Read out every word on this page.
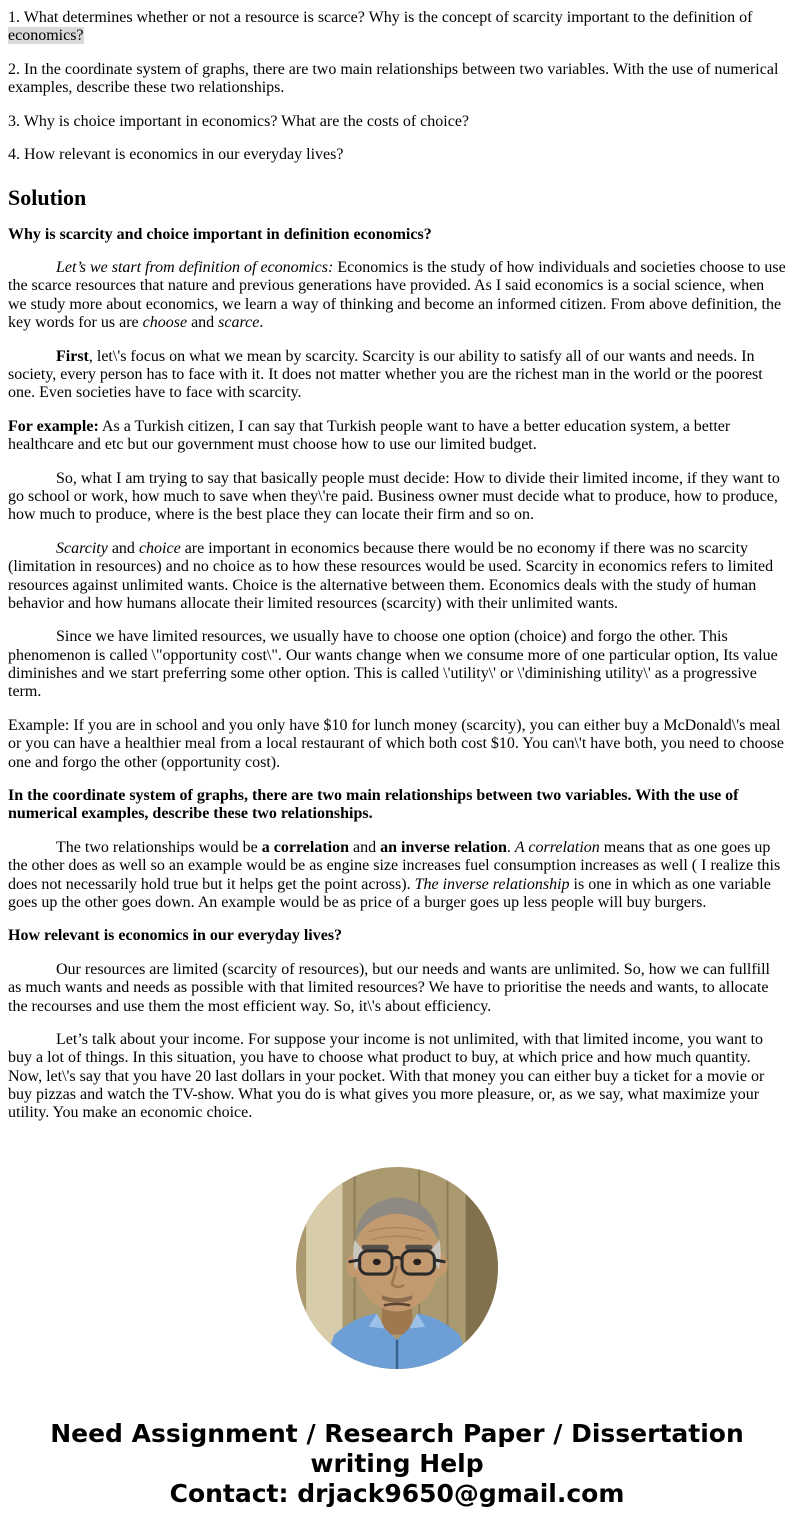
1. What determines whether or not a resource is scarce? Why is the concept of scarcity important to the definition of economics?

2. In the coordinate system of graphs, there are two main relationships between two variables. With the use of numerical examples, describe these two relationships.

3. Why is choice important in economics? What are the costs of choice?

4. How relevant is economics in our everyday lives?

Solution

Why is scarcity and choice important in definition economics?

Let’s we start from definition of economics: Economics is the study of how individuals and societies choose to use the scarce resources that nature and previous generations have provided. As I said economics is a social science, when we study more about economics, we learn a way of thinking and become an informed citizen. From above definition, the key words for us are choose and scarce.

First, let\'s focus on what we mean by scarcity. Scarcity is our ability to satisfy all of our wants and needs. In society, every person has to face with it. It does not matter whether you are the richest man in the world or the poorest one. Even societies have to face with scarcity.

For example: As a Turkish citizen, I can say that Turkish people want to have a better education system, a better healthcare and etc but our government must choose how to use our limited budget.

So, what I am trying to say that basically people must decide: How to divide their limited income, if they want to go school or work, how much to save when they\'re paid. Business owner must decide what to produce, how to produce, how much to produce, where is the best place they can locate their firm and so on.

Scarcity and choice are important in economics because there would be no economy if there was no scarcity (limitation in resources) and no choice as to how these resources would be used. Scarcity in economics refers to limited resources against unlimited wants. Choice is the alternative between them. Economics deals with the study of human behavior and how humans allocate their limited resources (scarcity) with their unlimited wants.

Since we have limited resources, we usually have to choose one option (choice) and forgo the other. This phenomenon is called \"opportunity cost\". Our wants change when we consume more of one particular option, Its value diminishes and we start preferring some other option. This is called \'utility\' or \'diminishing utility\' as a progressive term.

Example: If you are in school and you only have $10 for lunch money (scarcity), you can either buy a McDonald\'s meal or you can have a healthier meal from a local restaurant of which both cost $10. You can\'t have both, you need to choose one and forgo the other (opportunity cost).

In the coordinate system of graphs, there are two main relationships between two variables. With the use of numerical examples, describe these two relationships.

The two relationships would be a correlation and an inverse relation. A correlation means that as one goes up the other does as well so an example would be as engine size increases fuel consumption increases as well ( I realize this does not necessarily hold true but it helps get the point across). The inverse relationship is one in which as one variable goes up the other goes down. An example would be as price of a burger goes up less people will buy burgers.

How relevant is economics in our everyday lives?

Our resources are limited (scarcity of resources), but our needs and wants are unlimited. So, how we can fullfill as much wants and needs as possible with that limited resources? We have to prioritise the needs and wants, to allocate the recourses and use them the most efficient way. So, it\'s about efficiency.

Let’s talk about your income. For suppose your income is not unlimited, with that limited income, you want to buy a lot of things. In this situation, you have to choose what product to buy, at which price and how much quantity. Now, let\'s say that you have 20 last dollars in your pocket. With that money you can either buy a ticket for a movie or buy pizzas and watch the TV-show. What you do is what gives you more pleasure, or, as we say, what maximize your utility. You make an economic choice.

Need Assignment / Research Paper / Dissertation writing Help
Contact: drjack9650@gmail.com
